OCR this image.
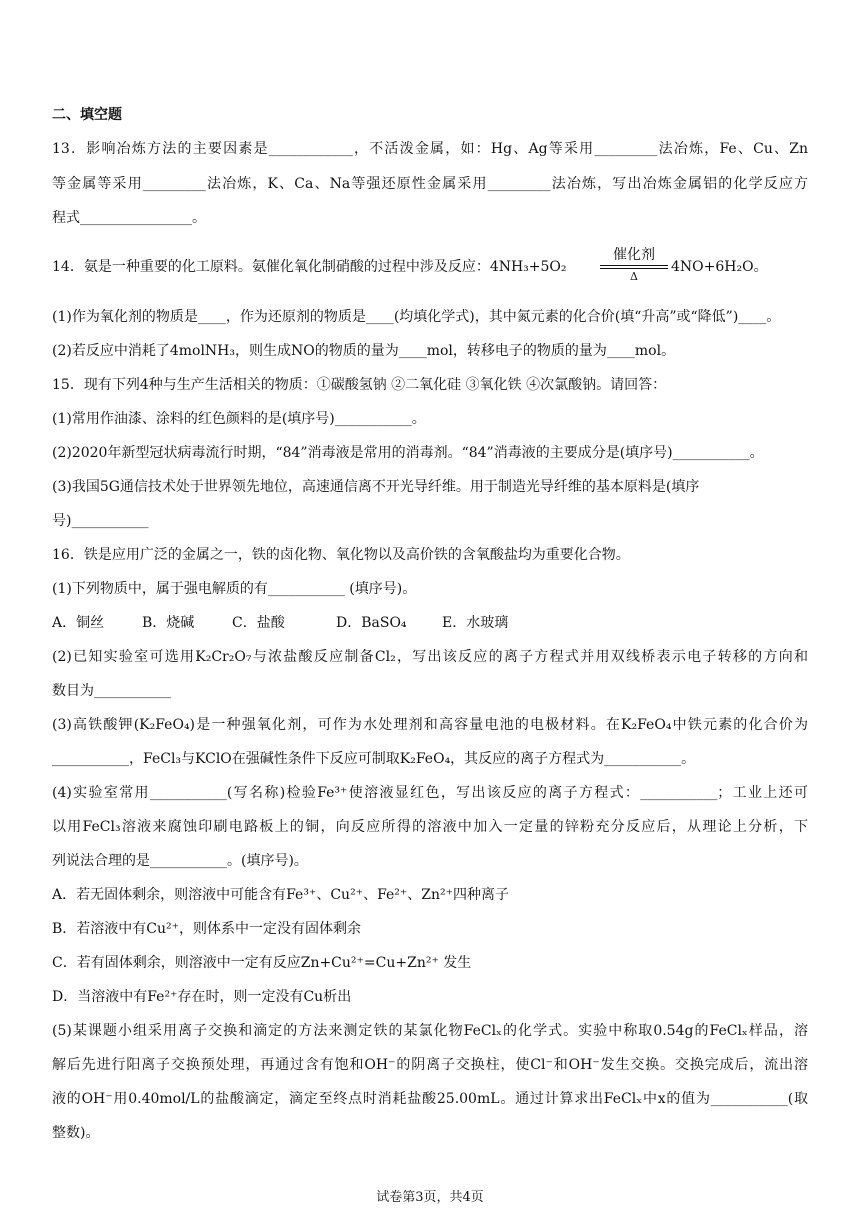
二、填空题

13．影响冶炼方法的主要因素是____________，不活泼金属，如：Hg、Ag等采用_________法冶炼，Fe、Cu、Zn

等金属等采用_________法冶炼，K、Ca、Na等强还原性金属采用_________法冶炼，写出冶炼金属铝的化学反应方

程式________________。

14．氨是一种重要的化工原料。氨催化氧化制硝酸的过程中涉及反应：4NH₃+5O₂

催化剂
Δ

4NO+6H₂O。

(1)作为氧化剂的物质是____，作为还原剂的物质是____(均填化学式)，其中氮元素的化合价(填“升高”或“降低”)____。

(2)若反应中消耗了4molNH₃，则生成NO的物质的量为____mol，转移电子的物质的量为____mol。

15．现有下列4种与生产生活相关的物质：①碳酸氢钠 ②二氧化硅 ③氧化铁 ④次氯酸钠。请回答：

(1)常用作油漆、涂料的红色颜料的是(填序号)___________。

(2)2020年新型冠状病毒流行时期，“84”消毒液是常用的消毒剂。“84”消毒液的主要成分是(填序号)___________。

(3)我国5G通信技术处于世界领先地位，高速通信离不开光导纤维。用于制造光导纤维的基本原料是(填序

号)___________

16．铁是应用广泛的金属之一，铁的卤化物、氧化物以及高价铁的含氧酸盐均为重要化合物。

(1)下列物质中，属于强电解质的有___________ (填序号)。

A．铜丝	B．烧碱	C．盐酸	D．BaSO₄	E．水玻璃

(2)已知实验室可选用K₂Cr₂O₇与浓盐酸反应制备Cl₂，写出该反应的离子方程式并用双线桥表示电子转移的方向和

数目为___________

(3)高铁酸钾(K₂FeO₄)是一种强氧化剂，可作为水处理剂和高容量电池的电极材料。在K₂FeO₄中铁元素的化合价为

___________，FeCl₃与KClO在强碱性条件下反应可制取K₂FeO₄，其反应的离子方程式为___________。

(4)实验室常用___________(写名称)检验Fe³⁺使溶液显红色，写出该反应的离子方程式：___________；工业上还可

以用FeCl₃溶液来腐蚀印刷电路板上的铜，向反应所得的溶液中加入一定量的锌粉充分反应后，从理论上分析，下

列说法合理的是___________。(填序号)。

A．若无固体剩余，则溶液中可能含有Fe³⁺、Cu²⁺、Fe²⁺、Zn²⁺四种离子

B．若溶液中有Cu²⁺，则体系中一定没有固体剩余

C．若有固体剩余，则溶液中一定有反应Zn+Cu²⁺=Cu+Zn²⁺ 发生

D．当溶液中有Fe²⁺存在时，则一定没有Cu析出

(5)某课题小组采用离子交换和滴定的方法来测定铁的某氯化物FeClₓ的化学式。实验中称取0.54g的FeClₓ样品，溶

解后先进行阳离子交换预处理，再通过含有饱和OH⁻的阴离子交换柱，使Cl⁻和OH⁻发生交换。交换完成后，流出溶

液的OH⁻用0.40mol/L的盐酸滴定，滴定至终点时消耗盐酸25.00mL。通过计算求出FeClₓ中x的值为___________(取

整数)。

试卷第3页，共4页
